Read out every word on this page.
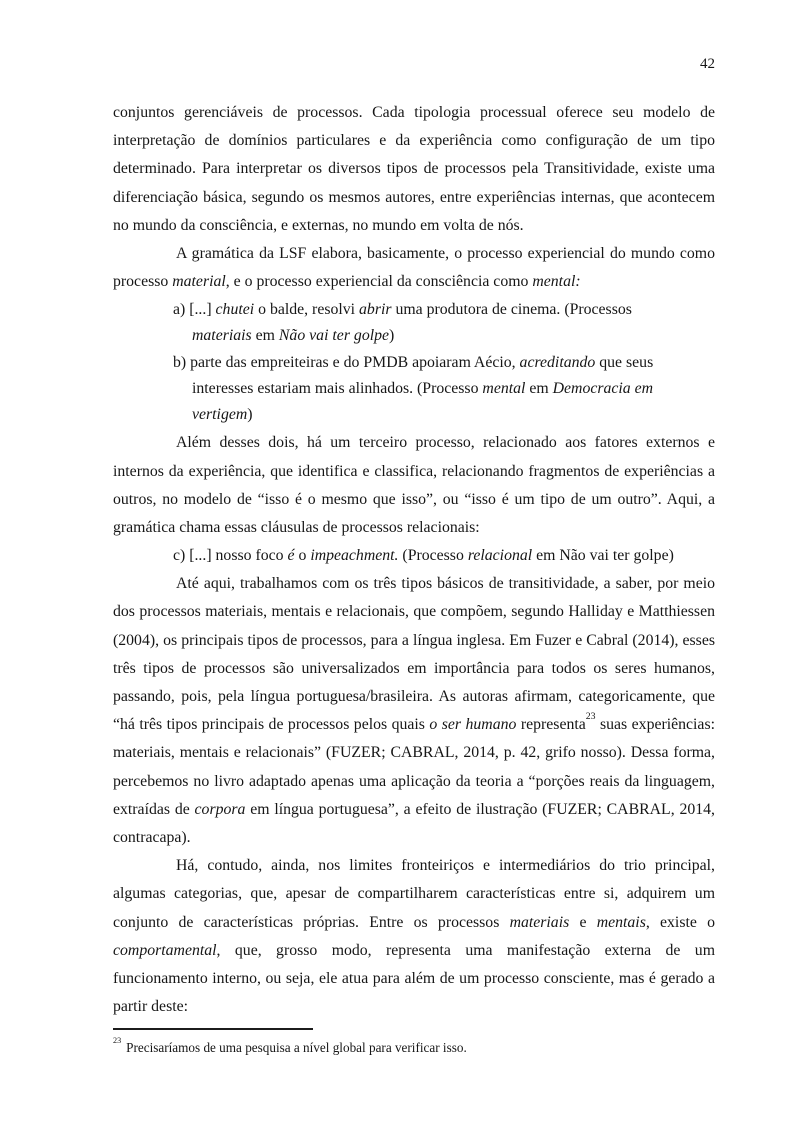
42

conjuntos gerenciáveis de processos. Cada tipologia processual oferece seu modelo de interpretação de domínios particulares e da experiência como configuração de um tipo determinado. Para interpretar os diversos tipos de processos pela Transitividade, existe uma diferenciação básica, segundo os mesmos autores, entre experiências internas, que acontecem no mundo da consciência, e externas, no mundo em volta de nós.

A gramática da LSF elabora, basicamente, o processo experiencial do mundo como processo material, e o processo experiencial da consciência como mental:

a) [...] chutei o balde, resolvi abrir uma produtora de cinema. (Processos
materiais em Não vai ter golpe)
b) parte das empreiteiras e do PMDB apoiaram Aécio, acreditando que seus
interesses estariam mais alinhados. (Processo mental em Democracia em
vertigem)

Além desses dois, há um terceiro processo, relacionado aos fatores externos e internos da experiência, que identifica e classifica, relacionando fragmentos de experiências a outros, no modelo de “isso é o mesmo que isso”, ou “isso é um tipo de um outro”. Aqui, a gramática chama essas cláusulas de processos relacionais:

c) [...] nosso foco é o impeachment. (Processo relacional em Não vai ter golpe)

Até aqui, trabalhamos com os três tipos básicos de transitividade, a saber, por meio dos processos materiais, mentais e relacionais, que compõem, segundo Halliday e Matthiessen (2004), os principais tipos de processos, para a língua inglesa. Em Fuzer e Cabral (2014), esses três tipos de processos são universalizados em importância para todos os seres humanos, passando, pois, pela língua portuguesa/brasileira. As autoras afirmam, categoricamente, que “há três tipos principais de processos pelos quais o ser humano representa$^{23}$ suas experiências: materiais, mentais e relacionais” (FUZER; CABRAL, 2014, p. 42, grifo nosso). Dessa forma, percebemos no livro adaptado apenas uma aplicação da teoria a “porções reais da linguagem, extraídas de corpora em língua portuguesa”, a efeito de ilustração (FUZER; CABRAL, 2014, contracapa).

Há, contudo, ainda, nos limites fronteiriços e intermediários do trio principal, algumas categorias, que, apesar de compartilharem características entre si, adquirem um conjunto de características próprias. Entre os processos materiais e mentais, existe o comportamental, que, grosso modo, representa uma manifestação externa de um funcionamento interno, ou seja, ele atua para além de um processo consciente, mas é gerado a partir deste:

$^{23}$ Precisaríamos de uma pesquisa a nível global para verificar isso.
